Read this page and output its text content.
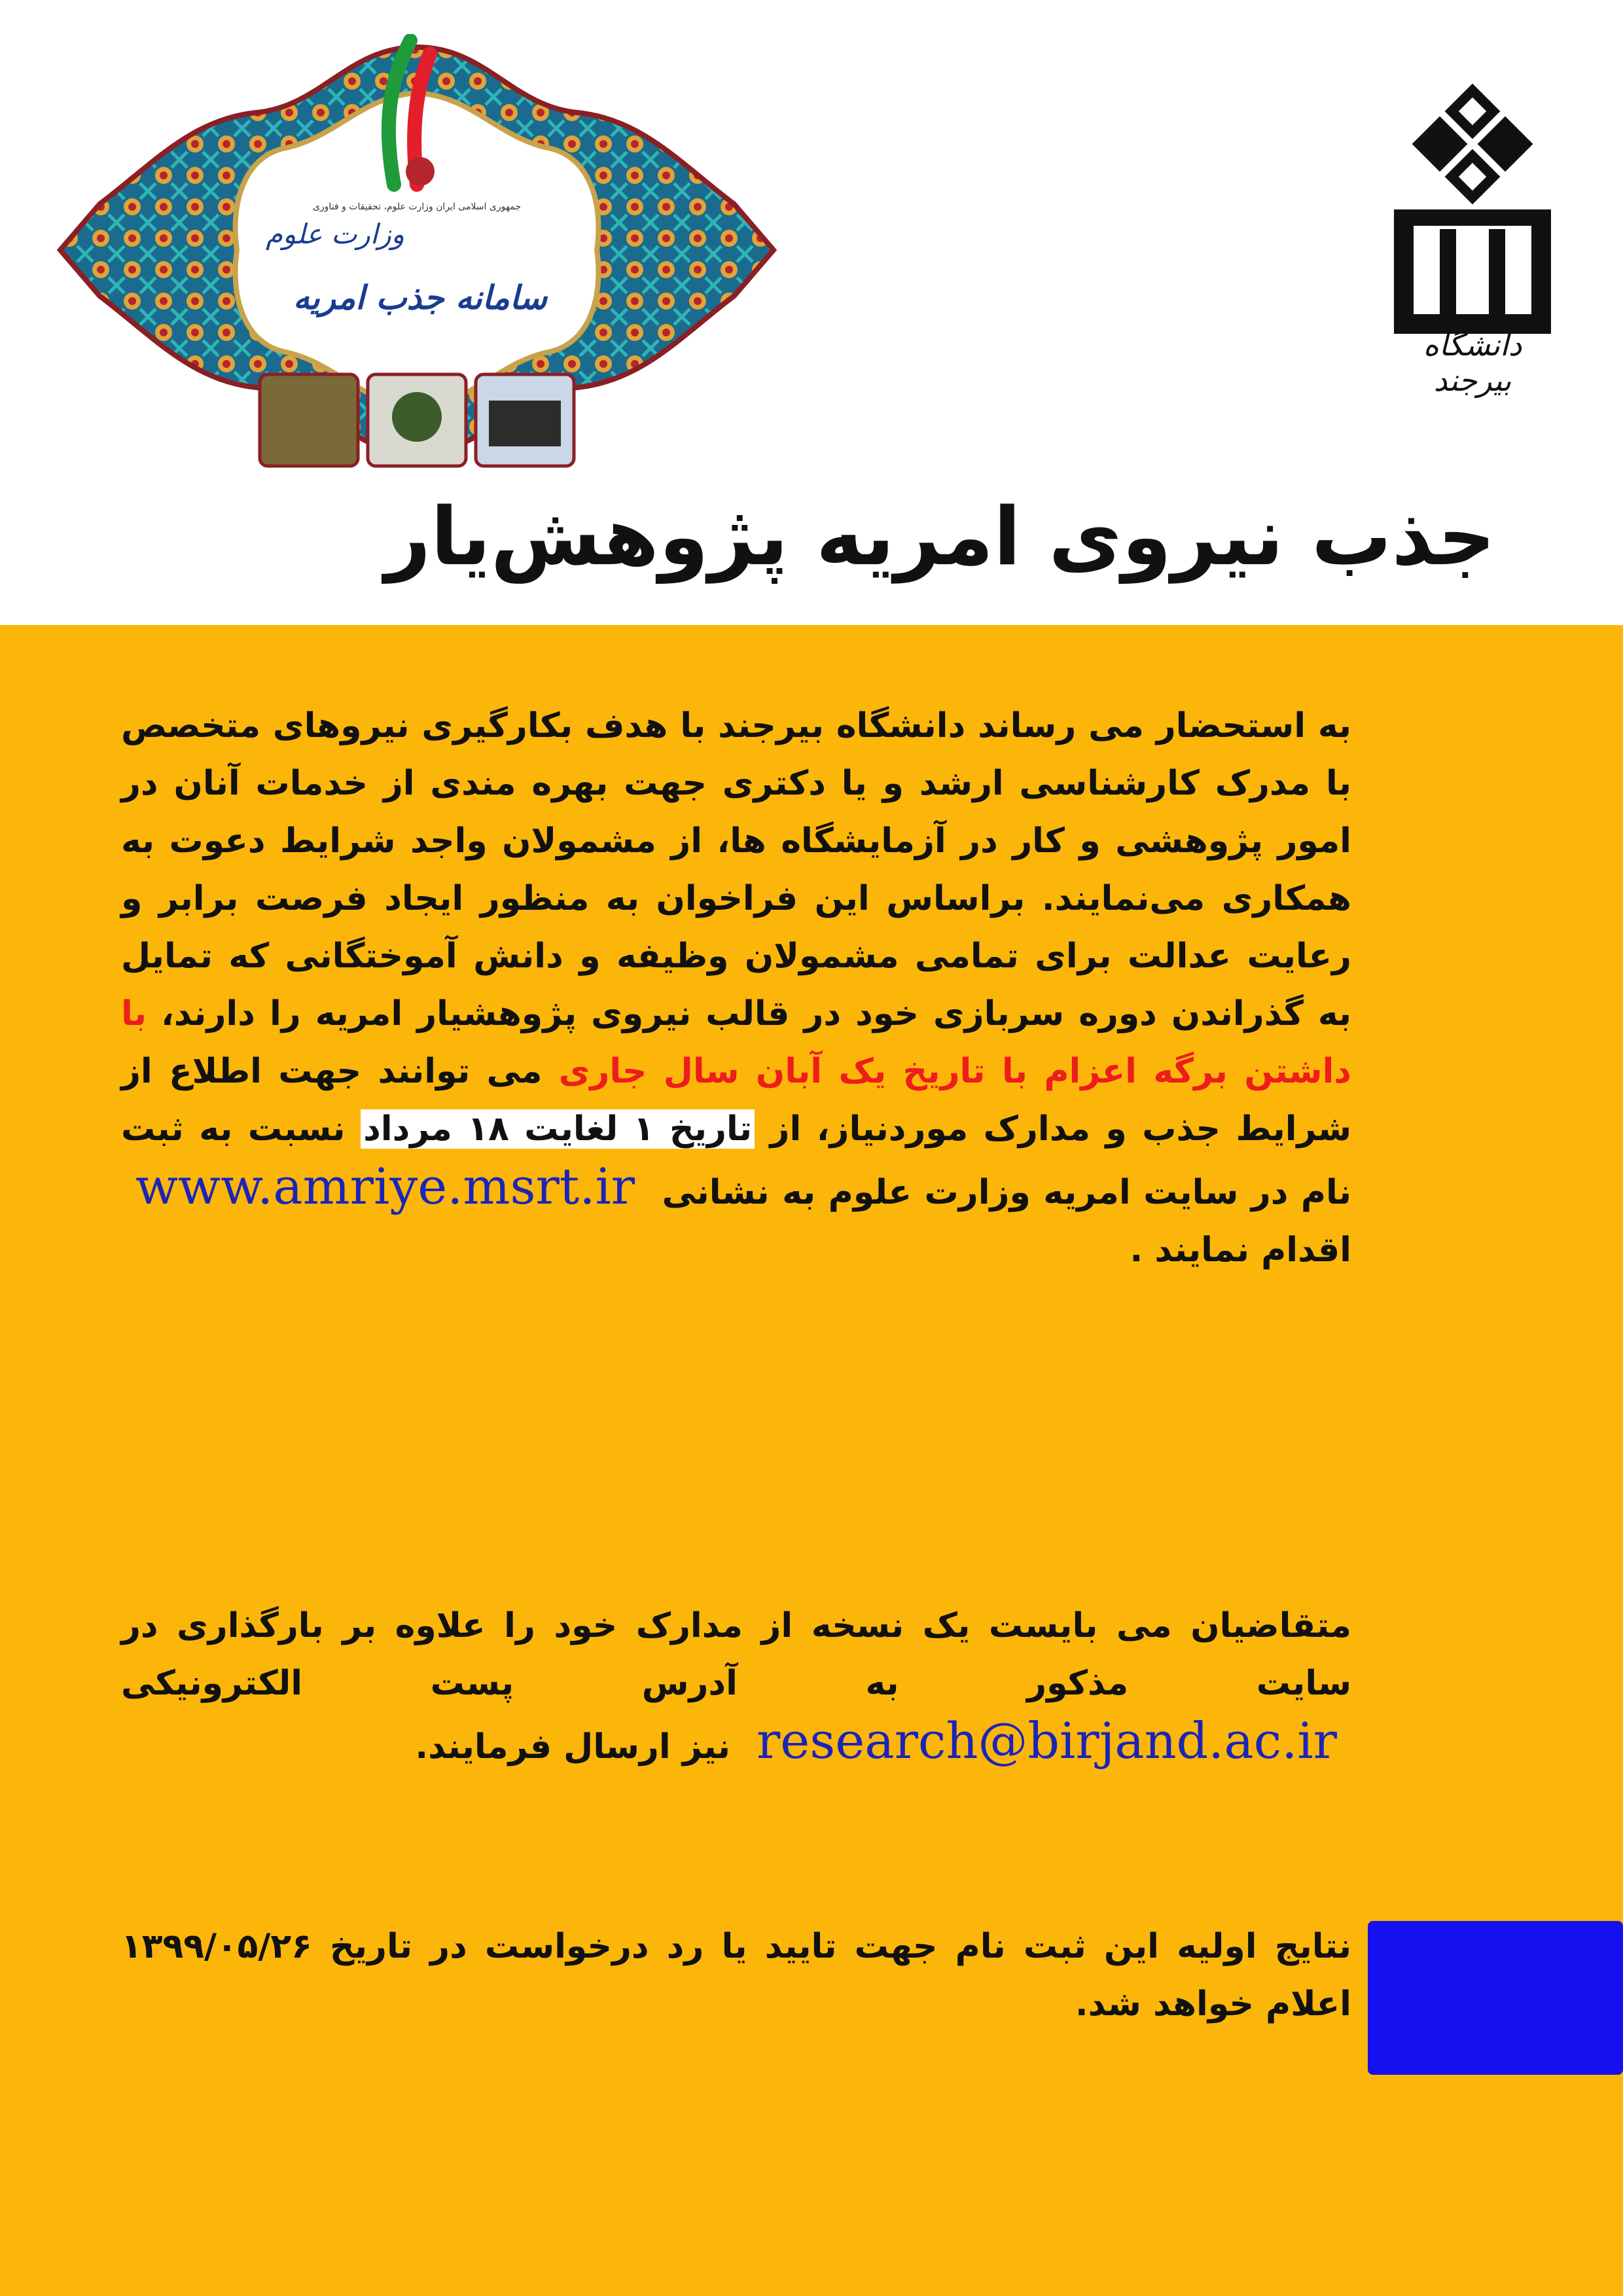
جمهوری اسلامی ایران وزارت علوم، تحقیقات و فناوری
وزارت علوم
سامانه جذب امریه
دانشگاه بیرجند
جذب نیروی امریه پژوهش‌یار

به استحضار می رساند دانشگاه بیرجند با هدف بکارگیری نیروهای متخصص با مدرک کارشناسی ارشد و یا دکتری جهت بهره مندی از خدمات آنان در امور پژوهشی و کار در آزمایشگاه ها، از مشمولان واجد شرایط دعوت به همکاری می‌نمایند. براساس این فراخوان به منظور ایجاد فرصت برابر و رعایت عدالت برای تمامی مشمولان وظیفه و دانش آموختگانی که تمایل به گذراندن دوره سربازی خود در قالب نیروی پژوهشیار امریه را دارند، با داشتن برگه اعزام با تاریخ یک آبان سال جاری می توانند جهت اطلاع از شرایط جذب و مدارک موردنیاز، از تاریخ ۱ لغایت ۱۸ مرداد نسبت به ثبت نام در سایت امریه وزارت علوم به نشانی www.amriye.msrt.ir اقدام نمایند .

متقاضیان می بایست یک نسخه از مدارک خود را علاوه بر بارگذاری در سایت مذکور به آدرس پست الکترونیکی research@birjand.ac.ir نیز ارسال فرمایند.

نتایج اولیه این ثبت نام جهت تایید یا رد درخواست در تاریخ ۱۳۹۹/۰۵/۲۶ اعلام خواهد شد.
